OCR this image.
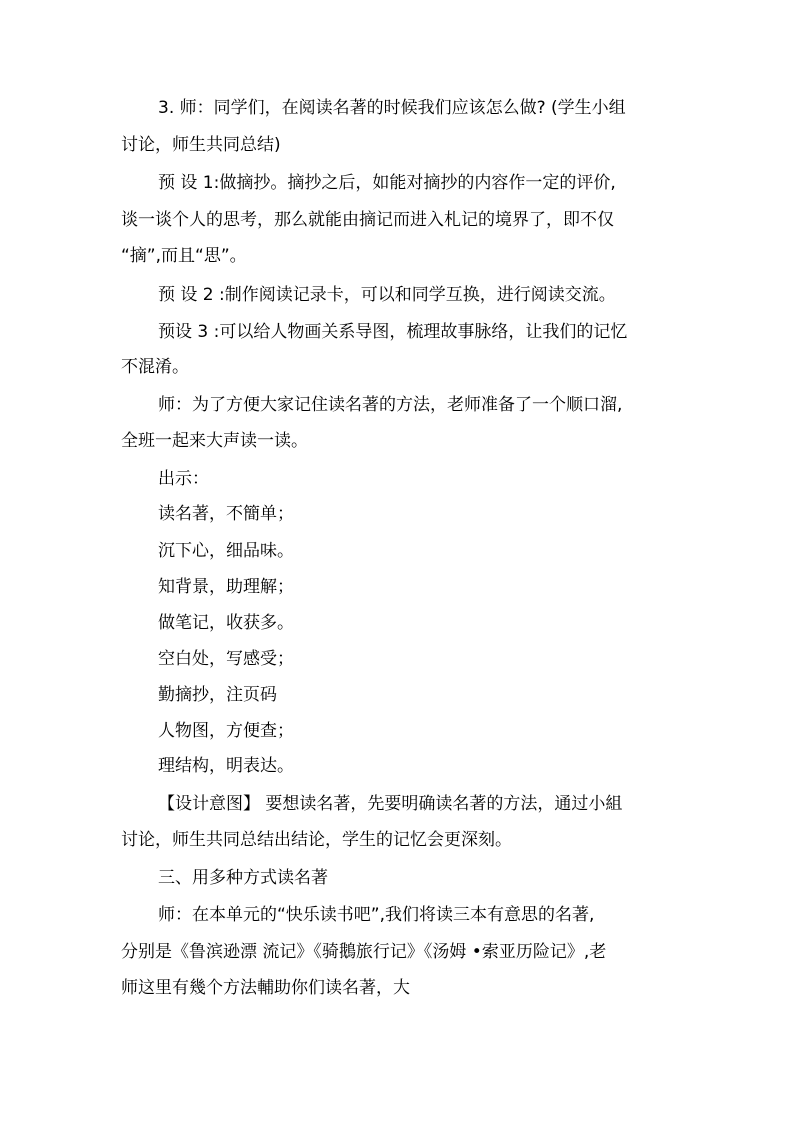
3. 师：同学们，在阅读名著的时候我们应该怎么做? (学生小组
讨论，师生共同总结)
预 设 1:做摘抄。摘抄之后，如能对摘抄的内容作一定的评价,
谈一谈个人的思考，那么就能由摘记而进入札记的境界了，即不仅
“摘”,而且“思”。
预 设 2 :制作阅读记录卡，可以和同学互换，进行阅读交流。
预设 3 :可以给人物画关系导图，梳理故事脉络，让我们的记忆
不混淆。
师：为了方便大家记住读名著的方法，老师准备了一个顺口溜,
全班一起来大声读一读。
出示：
读名著，不簡单；
沉下心，细品味。
知背景，助理解；
做笔记，收获多。
空白处，写感受；
勤摘抄，注页码
人物图，方便查；
理结构，明表达。
【设计意图】 要想读名著，先要明确读名著的方法，通过小組
讨论，师生共同总结出结论，学生的记忆会更深刻。
三、用多种方式读名著
师：在本单元的“快乐读书吧”,我们将读三本有意思的名著,
分别是《鲁滨逊漂 流记》《骑鵝旅行记》《汤姆 •索亚历险记》,老
师这里有幾个方法輔助你们读名著，大
